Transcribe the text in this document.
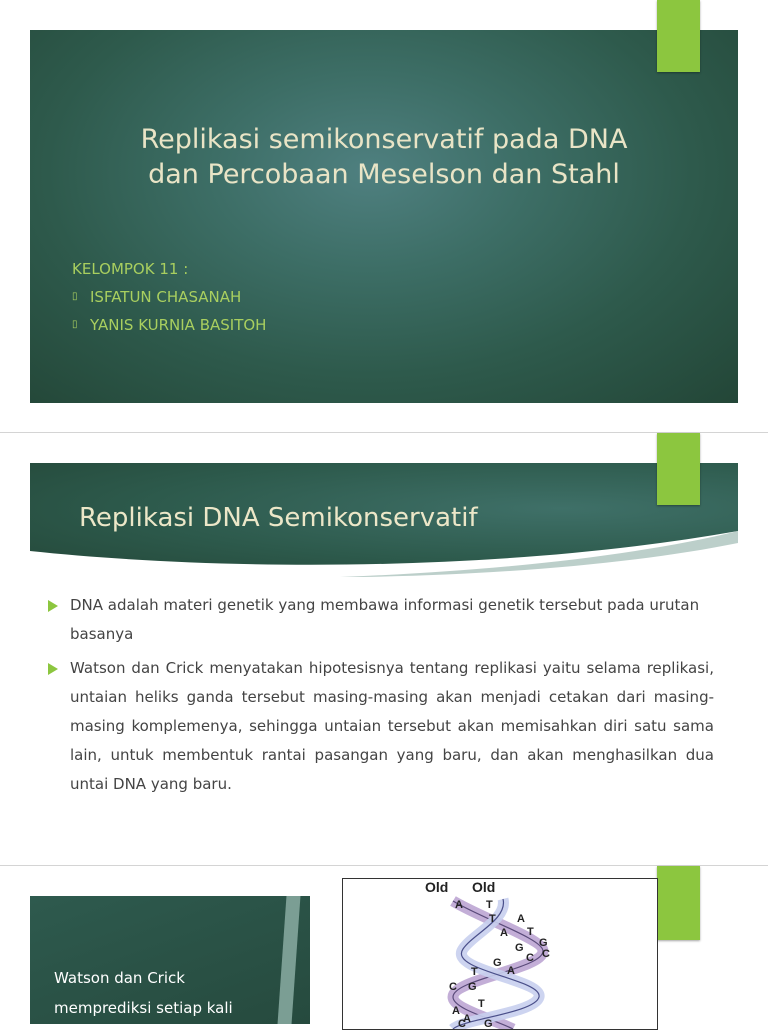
Replikasi semikonservatif pada DNA
dan Percobaan Meselson dan Stahl
KELOMPOK 11 :
▯ ISFATUN CHASANAH
▯ YANIS KURNIA BASITOH
Replikasi DNA Semikonservatif
DNA adalah materi genetik yang membawa informasi genetik tersebut pada urutan basanya
Watson dan Crick menyatakan hipotesisnya tentang replikasi yaitu selama replikasi, untaian heliks ganda tersebut masing-masing akan menjadi cetakan dari masing-masing komplemenya, sehingga untaian tersebut akan memisahkan diri satu sama lain, untuk membentuk rantai pasangan yang baru, dan akan menghasilkan dua untai DNA yang baru.
Watson dan Crick
memprediksi setiap kali
Old Old
A T
T A
A T
G
C
G
C
T
G
A
C G
A
T
A
C G
